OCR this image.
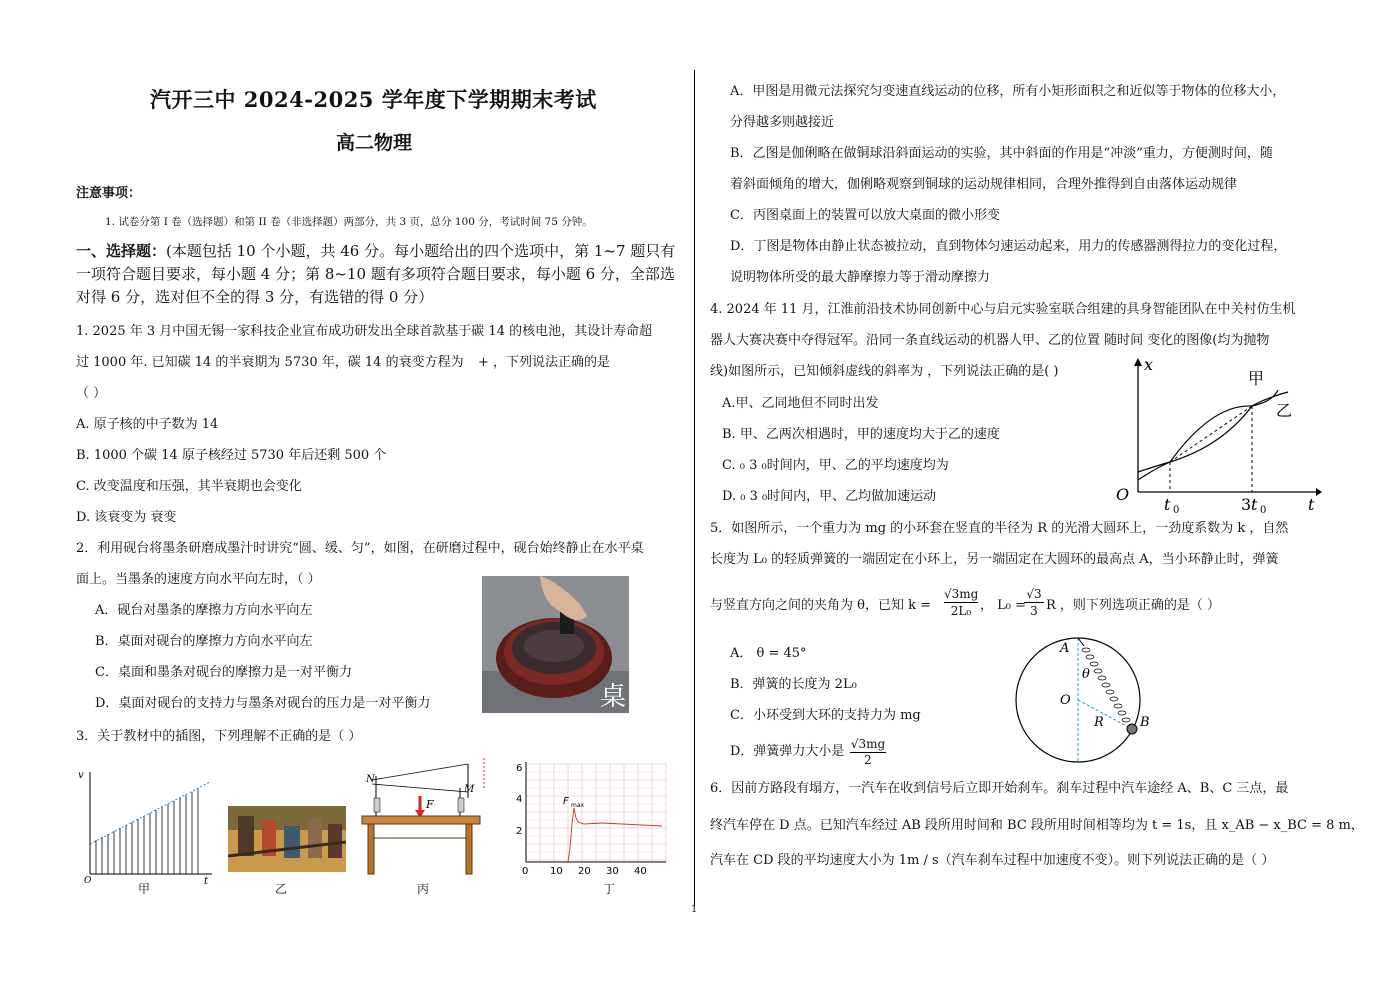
汽开三中 2024-2025 学年度下学期期末考试
高二物理
注意事项：
1. 试卷分第 I 卷（选择题）和第 II 卷（非选择题）两部分，共 3 页，总分 100 分，考试时间 75 分钟。
一、选择题：(本题包括 10 个小题，共 46 分。每小题给出的四个选项中，第 1~7 题只有一项符合题目要求，每小题 4 分；第 8~10 题有多项符合题目要求，每小题 6 分，全部选对得 6 分，选对但不全的得 3 分，有选错的得 0 分）
1. 2025 年 3 月中国无锡一家科技企业宣布成功研发出全球首款基于碳 14 的核电池，其设计寿命超
过 1000 年. 已知碳 14 的半衰期为 5730 年，碳 14 的衰变方程为 + ，下列说法正确的是
（ ）
A. 原子核的中子数为 14
B. 1000 个碳 14 原子核经过 5730 年后还剩 500 个
C. 改变温度和压强，其半衰期也会变化
D. 该衰变为 衰变
2．利用砚台将墨条研磨成墨汁时讲究“圆、缓、匀”，如图，在研磨过程中，砚台始终静止在水平桌
面上。当墨条的速度方向水平向左时，（ ）
A．砚台对墨条的摩擦力方向水平向左
B．桌面对砚台的摩擦力方向水平向左
C．桌面和墨条对砚台的摩擦力是一对平衡力
D．桌面对砚台的支持力与墨条对砚台的压力是一对平衡力	桌
3．关于教材中的插图，下列理解不正确的是（ ）
v
t
O
甲	乙
N
M
F
丙
6
4
2
0 10 20 30 40
F max
丁
A．甲图是用微元法探究匀变速直线运动的位移，所有小矩形面积之和近似等于物体的位移大小，
分得越多则越接近
B．乙图是伽俐略在做铜球沿斜面运动的实验，其中斜面的作用是“冲淡”重力，方便测时间，随
着斜面倾角的增大，伽俐略观察到铜球的运动规律相同，合理外推得到自由落体运动规律
C．丙图桌面上的装置可以放大桌面的微小形变
D．丁图是物体由静止状态被拉动，直到物体匀速运动起来，用力的传感器测得拉力的变化过程，
说明物体所受的最大静摩擦力等于滑动摩擦力
4. 2024 年 11 月，江淮前沿技术协同创新中心与启元实验室联合组建的具身智能团队在中关村仿生机
器人大赛决赛中夺得冠军。沿同一条直线运动的机器人甲、乙的位置 随时间 变化的图像(均为抛物
线)如图所示，已知倾斜虚线的斜率为 ，下列说法正确的是( )
A.甲、乙同地但不同时出发
B. 甲、乙两次相遇时，甲的速度均大于乙的速度
C. ₀ 3 ₀时间内，甲、乙的平均速度均为
D. ₀ 3 ₀时间内，甲、乙均做加速运动
x
t
O
t 0	3 t 0
甲
乙
5．如图所示，一个重力为 mg 的小环套在竖直的半径为 R 的光滑大圆环上，一劲度系数为 k ，自然
长度为 L₀ 的轻质弹簧的一端固定在小环上，另一端固定在大圆环的最高点 A，当小环静止时，弹簧
与竖直方向之间的夹角为 θ，已知 $k = \frac{√3mg}{\text{2L₀}}$ ， L₀ =
$\frac{√3}{3}$ R ，则下列选项正确的是（ ）
A． θ = 45°
B．弹簧的长度为 2L₀
C．小环受到大环的支持力为 mg
D．弹簧弹力大小是 $\frac{√3mg}{2}$
A
θ
O
R	B
6．因前方路段有塌方，一汽车在收到信号后立即开始刹车。刹车过程中汽车途经 A、B、C 三点，最
终汽车停在 D 点。已知汽车经过 AB 段所用时间和 BC 段所用时间相等均为 t = 1s，且 x_AB − x_BC = 8 m，
汽车在 CD 段的平均速度大小为 1m / s（汽车刹车过程中加速度不变）。则下列说法正确的是（ ）
1
